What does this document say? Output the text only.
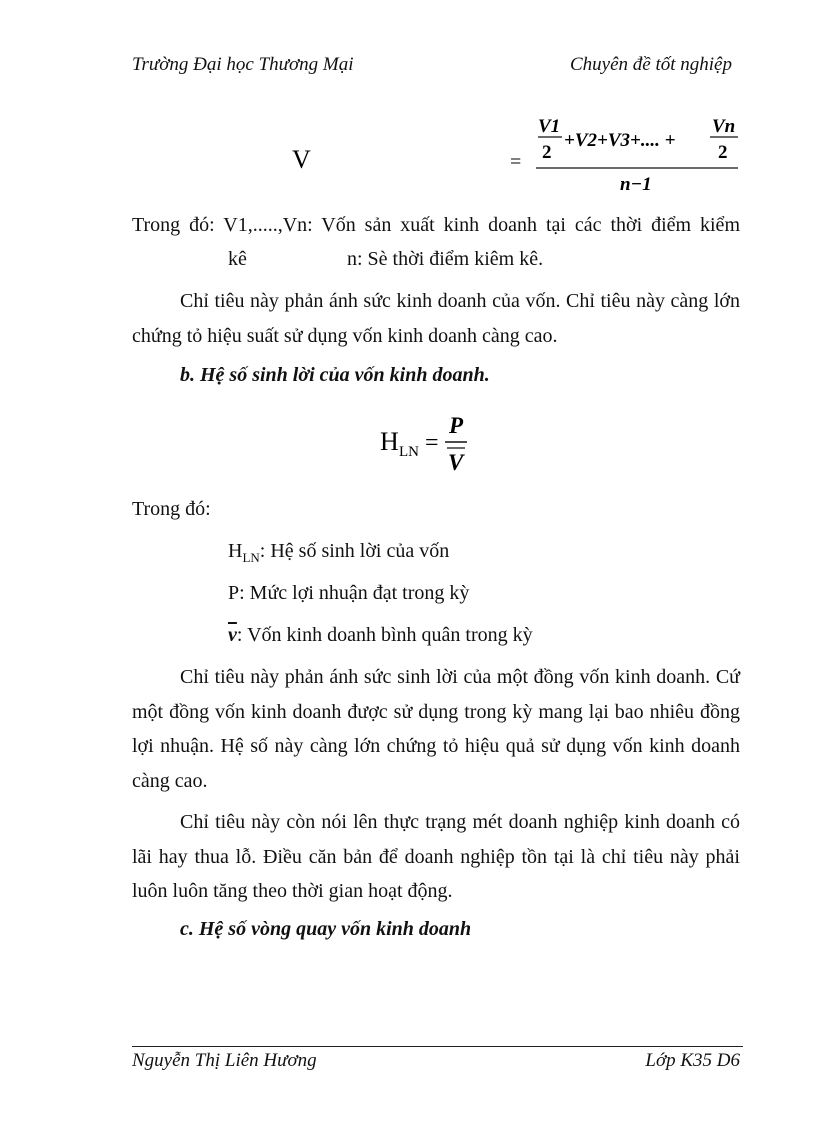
Trường Đại học Thương Mại	Chuyên đề tốt nghiệp
V	=
V1
2
+V2+V3+.... +
Vn
2
n−1
Trong đó: V1,.....,Vn: Vốn sản xuất kinh doanh tại các thời điểm kiểm
kê	n: Sè thời điểm kiêm kê.
Chỉ tiêu này phản ánh sức kinh doanh của vốn. Chỉ tiêu này càng lớn chứng tỏ hiệu suất sử dụng vốn kinh doanh càng cao.
b. Hệ số sinh lời của vốn kinh doanh.
H LN =
P
V
Trong đó:
$H_{LN}$: Hệ số sinh lời của vốn
P: Mức lợi nhuận đạt trong kỳ
$\overline{v}$: Vốn kinh doanh bình quân trong kỳ
Chỉ tiêu này phản ánh sức sinh lời của một đồng vốn kinh doanh. Cứ một đồng vốn kinh doanh được sử dụng trong kỳ mang lại bao nhiêu đồng lợi nhuận. Hệ số này càng lớn chứng tỏ hiệu quả sử dụng vốn kinh doanh càng cao.
Chỉ tiêu này còn nói lên thực trạng mét doanh nghiệp kinh doanh có lãi hay thua lỗ. Điều căn bản để doanh nghiệp tồn tại là chỉ tiêu này phải luôn luôn tăng theo thời gian hoạt động.
c. Hệ số vòng quay vốn kinh doanh
Nguyễn Thị Liên Hương	Lớp K35 D6
